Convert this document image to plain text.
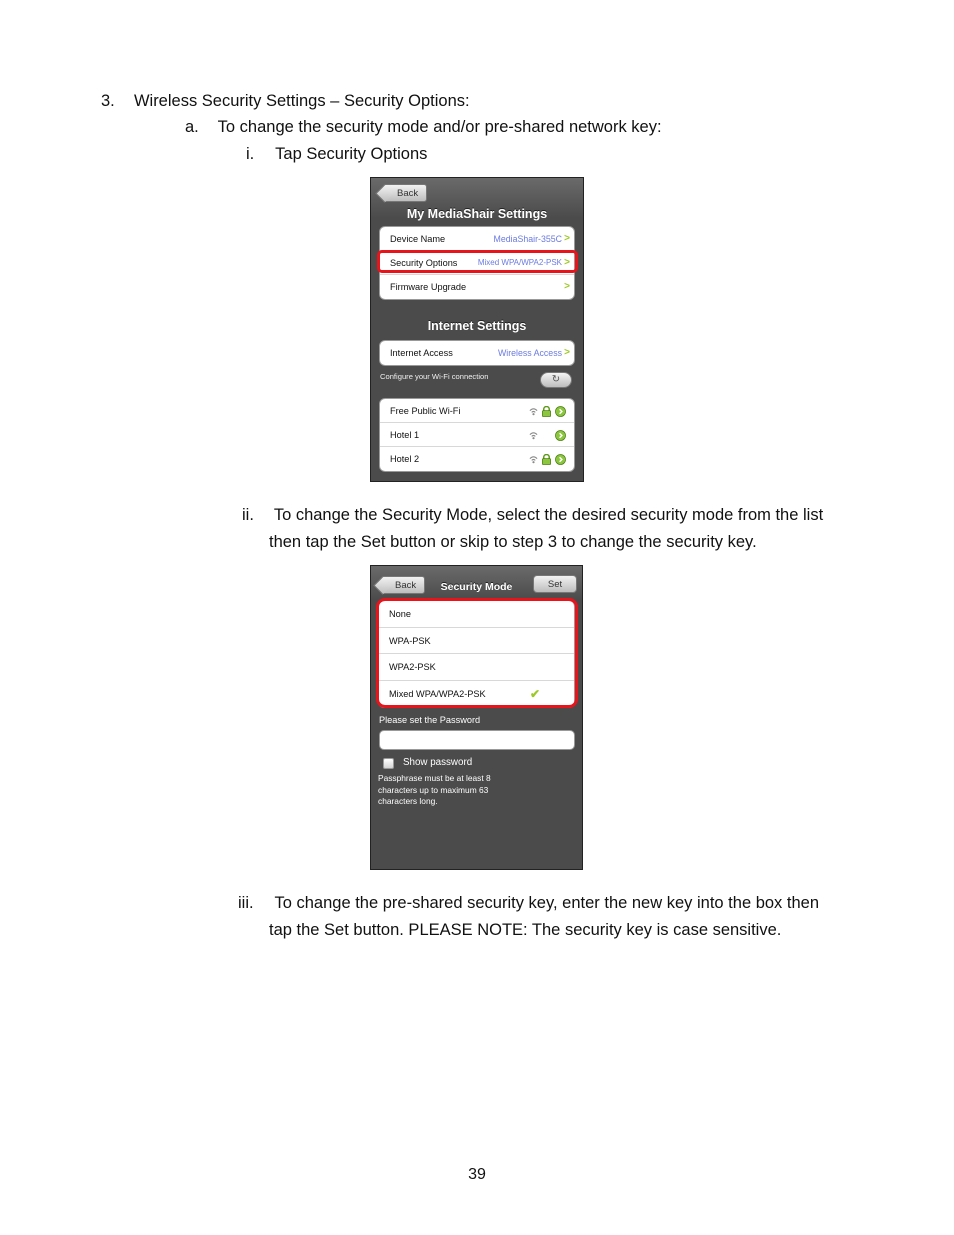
3. Wireless Security Settings – Security Options:
a. To change the security mode and/or pre-shared network key:
i. Tap Security Options
Back
My MediaShair Settings
Device Name	MediaShair-355C >
Security Options	Mixed WPA/WPA2-PSK >
Firmware Upgrade	>
Internet Settings
Internet Access	Wireless Access >
Configure your Wi-Fi connection	↻
Free Public Wi-Fi
Hotel 1
Hotel 2
ii. To change the Security Mode, select the desired security mode from the list
then tap the Set button or skip to step 3 to change the security key.
Back	Security Mode	Set
None
WPA-PSK
WPA2-PSK
Mixed WPA/WPA2-PSK	✔
Please set the Password
Show password
Passphrase must be at least 8
characters up to maximum 63
characters long.
iii. To change the pre-shared security key, enter the new key into the box then
tap the Set button. PLEASE NOTE: The security key is case sensitive.
39
